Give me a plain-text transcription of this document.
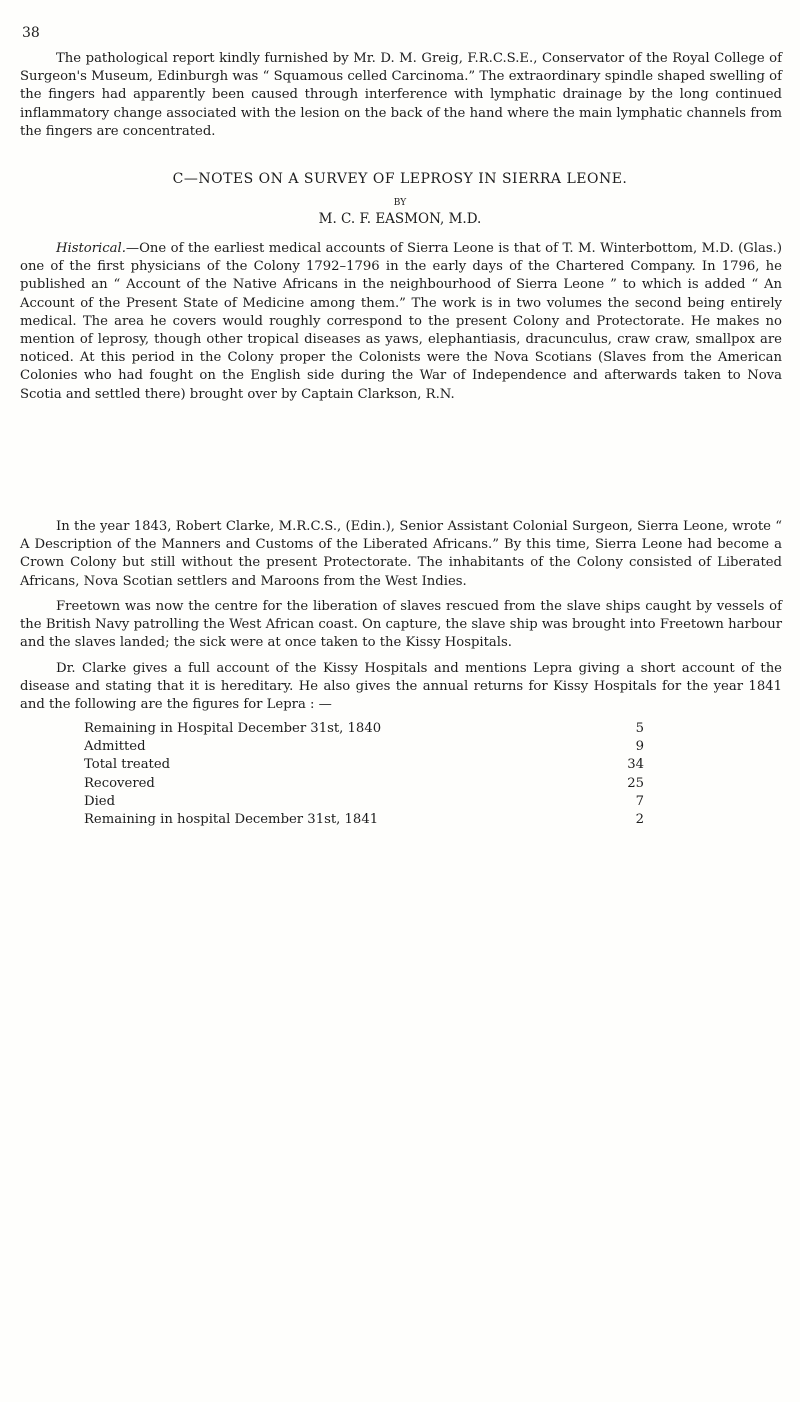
38

The pathological report kindly furnished by Mr. D. M. Greig, F.R.C.S.E., Conservator of the Royal College of Surgeon's Museum, Edinburgh was “ Squamous celled Carcinoma.” The extraordinary spindle shaped swelling of the fingers had apparently been caused through interference with lymphatic drainage by the long continued inflammatory change associated with the lesion on the back of the hand where the main lymphatic channels from the fingers are concentrated.

C—NOTES ON A SURVEY OF LEPROSY IN SIERRA LEONE.
BY
M. C. F. EASMON, M.D.

Historical.—One of the earliest medical accounts of Sierra Leone is that of T. M. Winterbottom, M.D. (Glas.) one of the first physicians of the Colony 1792–1796 in the early days of the Chartered Company. In 1796, he published an “ Account of the Native Africans in the neighbourhood of Sierra Leone ” to which is added “ An Account of the Present State of Medicine among them.” The work is in two volumes the second being entirely medical. The area he covers would roughly correspond to the present Colony and Protectorate. He makes no mention of leprosy, though other tropical diseases as yaws, elephantiasis, dracunculus, craw craw, smallpox are noticed. At this period in the Colony proper the Colonists were the Nova Scotians (Slaves from the American Colonies who had fought on the English side during the War of Independence and afterwards taken to Nova Scotia and settled there) brought over by Captain Clarkson, R.N.

In the year 1843, Robert Clarke, M.R.C.S., (Edin.), Senior Assistant Colonial Surgeon, Sierra Leone, wrote “ A Description of the Manners and Customs of the Liberated Africans.” By this time, Sierra Leone had become a Crown Colony but still without the present Protectorate. The inhabitants of the Colony consisted of Liberated Africans, Nova Scotian settlers and Maroons from the West Indies.

Freetown was now the centre for the liberation of slaves rescued from the slave ships caught by vessels of the British Navy patrolling the West African coast. On capture, the slave ship was brought into Freetown harbour and the slaves landed; the sick were at once taken to the Kissy Hospitals.

Dr. Clarke gives a full account of the Kissy Hospitals and mentions Lepra giving a short account of the disease and stating that it is hereditary. He also gives the annual returns for Kissy Hospitals for the year 1841 and the following are the figures for Lepra : —

Remaining in Hospital December 31st, 1840	5
Admitted	9
Total treated	34
Recovered	25
Died	7
Remaining in hospital December 31st, 1841	2
